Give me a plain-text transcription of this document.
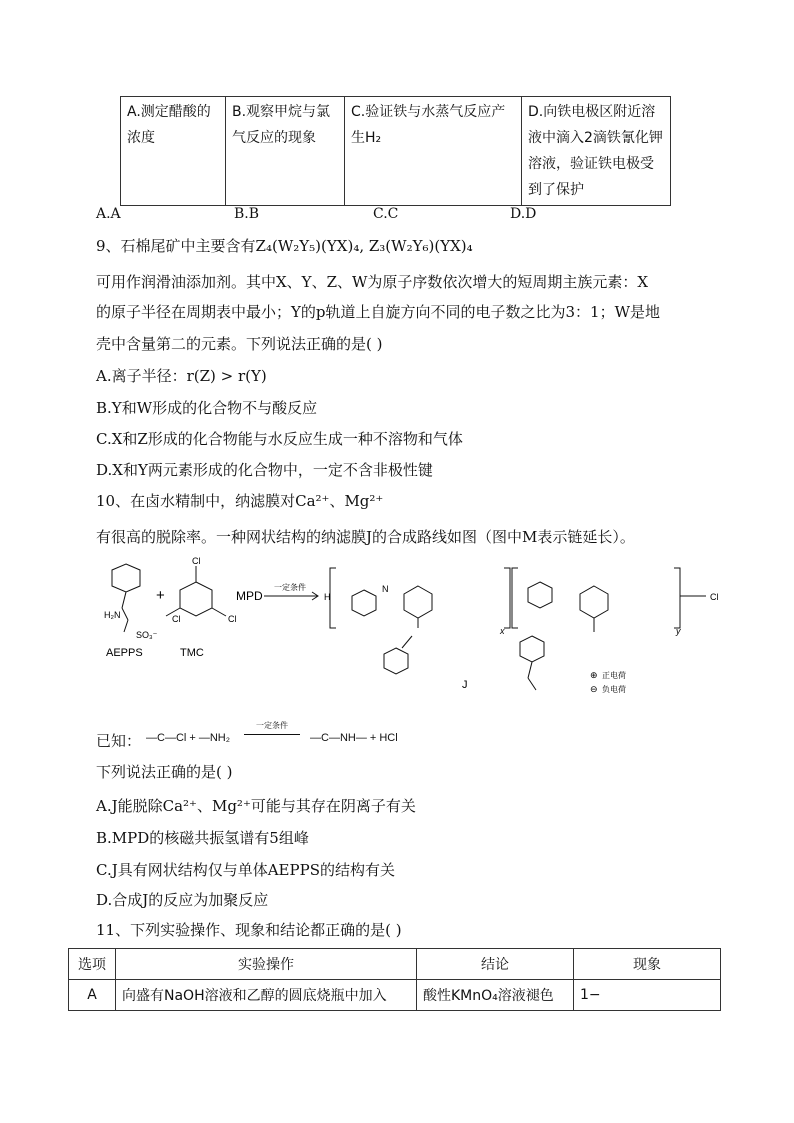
A.测定醋酸的浓度	B.观察甲烷与氯气反应的现象	C.验证铁与水蒸气反应产生H₂	D.向铁电极区附近溶液中滴入2滴铁氰化钾溶液，验证铁电极受到了保护
A.A	B.B	C.C	D.D
9、石棉尾矿中主要含有Z₄(W₂Y₅)(YX)₄, Z₃(W₂Y₆)(YX)₄
可用作润滑油添加剂。其中X、Y、Z、W为原子序数依次增大的短周期主族元素：X
的原子半径在周期表中最小；Y的p轨道上自旋方向不同的电子数之比为3：1；W是地
壳中含量第二的元素。下列说法正确的是( )
A.离子半径：r(Z) > r(Y)
B.Y和W形成的化合物不与酸反应
C.X和Z形成的化合物能与水反应生成一种不溶物和气体
D.X和Y两元素形成的化合物中，一定不含非极性键
10、在卤水精制中，纳滤膜对Ca²⁺、Mg²⁺
有很高的脱除率。一种网状结构的纳滤膜J的合成路线如图（图中M表示链延长）。
H₂N
SO₃⁻
+
Cl	Cl
Cl
MPD
一定条件
H
N
x	y
Cl
AEPPS	TMC
J
⊕ 正电荷
⊖ 负电荷
已知： —C—Cl + —NH₂
一定条件
—C—NH— + HCl
下列说法正确的是( )
A.J能脱除Ca²⁺、Mg²⁺可能与其存在阴离子有关
B.MPD的核磁共振氢谱有5组峰
C.J具有网状结构仅与单体AEPPS的结构有关
D.合成J的反应为加聚反应
11、下列实验操作、现象和结论都正确的是( )
选项	实验操作	结论	现象
A	向盛有NaOH溶液和乙醇的圆底烧瓶中加入	酸性KMnO₄溶液褪色	1−
